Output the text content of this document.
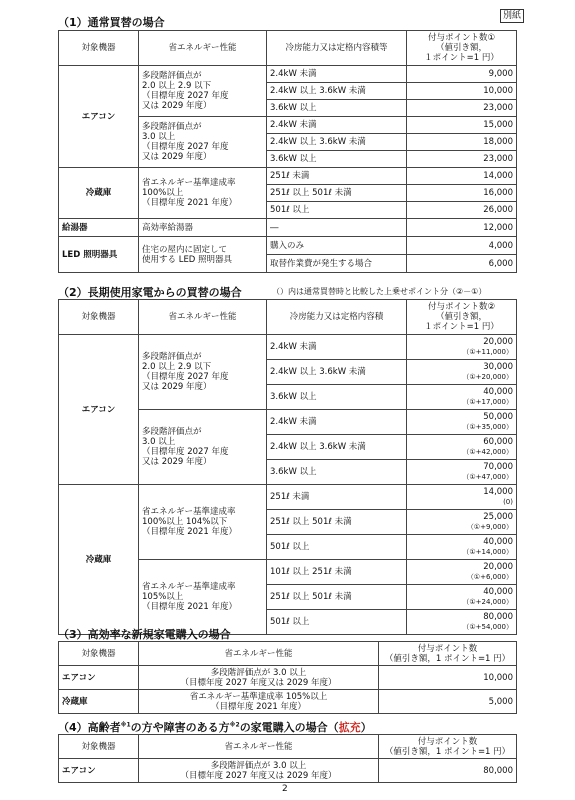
別紙
（1）通常買替の場合
対象機器	省エネルギー性能	冷房能力又は定格内容積等	付与ポイント数①
（値引き額，
１ポイント=1 円）
エアコン	多段階評価点が
2.0 以上 2.9 以下
（目標年度 2027 年度
又は 2029 年度）	2.4kW 未満	9,000
		2.4kW 以上 3.6kW 未満	10,000
		3.6kW 以上	23,000
	多段階評価点が
3.0 以上
（目標年度 2027 年度
又は 2029 年度）	2.4kW 未満	15,000
		2.4kW 以上 3.6kW 未満	18,000
		3.6kW 以上	23,000
冷蔵庫	省エネルギー基準達成率
100%以上
（目標年度 2021 年度）	251ℓ 未満	14,000
		251ℓ 以上 501ℓ 未満	16,000
		501ℓ 以上	26,000
給湯器	高効率給湯器	―	12,000
LED 照明器具	住宅の屋内に固定して
使用する LED 照明器具	購入のみ	4,000
		取替作業費が発生する場合	6,000
（2）長期使用家電からの買替の場合	（）内は通常買替時と比較した上乗せポイント分（②－①）
対象機器	省エネルギー性能	冷房能力又は定格内容積	付与ポイント数②
（値引き額，
１ポイント=1 円）
エアコン	多段階評価点が
2.0 以上 2.9 以下
（目標年度 2027 年度
又は 2029 年度）	2.4kW 未満	20,000
（①+11,000）

		2.4kW 以上 3.6kW 未満	30,000
（①+20,000）

		3.6kW 以上	40,000
（①+17,000）

	多段階評価点が
3.0 以上
（目標年度 2027 年度
又は 2029 年度）	2.4kW 未満	50,000
（①+35,000）

		2.4kW 以上 3.6kW 未満	60,000
（①+42,000）

		3.6kW 以上	70,000
（①+47,000）

冷蔵庫	省エネルギー基準達成率
100%以上 104%以下
（目標年度 2021 年度）	251ℓ 未満	14,000
(0)

		251ℓ 以上 501ℓ 未満	25,000
（①+9,000）

		501ℓ 以上	40,000
（①+14,000）

	省エネルギー基準達成率
105%以上
（目標年度 2021 年度）	101ℓ 以上 251ℓ 未満	20,000
（①+6,000）

		251ℓ 以上 501ℓ 未満	40,000
（①+24,000）

		501ℓ 以上	80,000
（①+54,000）
（3）高効率な新規家電購入の場合
対象機器	省エネルギー性能	付与ポイント数
（値引き額，1 ポイント=1 円）
エアコン	多段階評価点が 3.0 以上
（目標年度 2027 年度又は 2029 年度）	10,000
冷蔵庫	省エネルギー基準達成率 105%以上
（目標年度 2021 年度）	5,000
（4）高齢者$^{※1}$の方や障害のある方$^{※2}$の家電購入の場合（拡充）
対象機器	省エネルギー性能	付与ポイント数
（値引き額，1 ポイント=1 円）
エアコン	多段階評価点が 3.0 以上
（目標年度 2027 年度又は 2029 年度）	80,000
2
